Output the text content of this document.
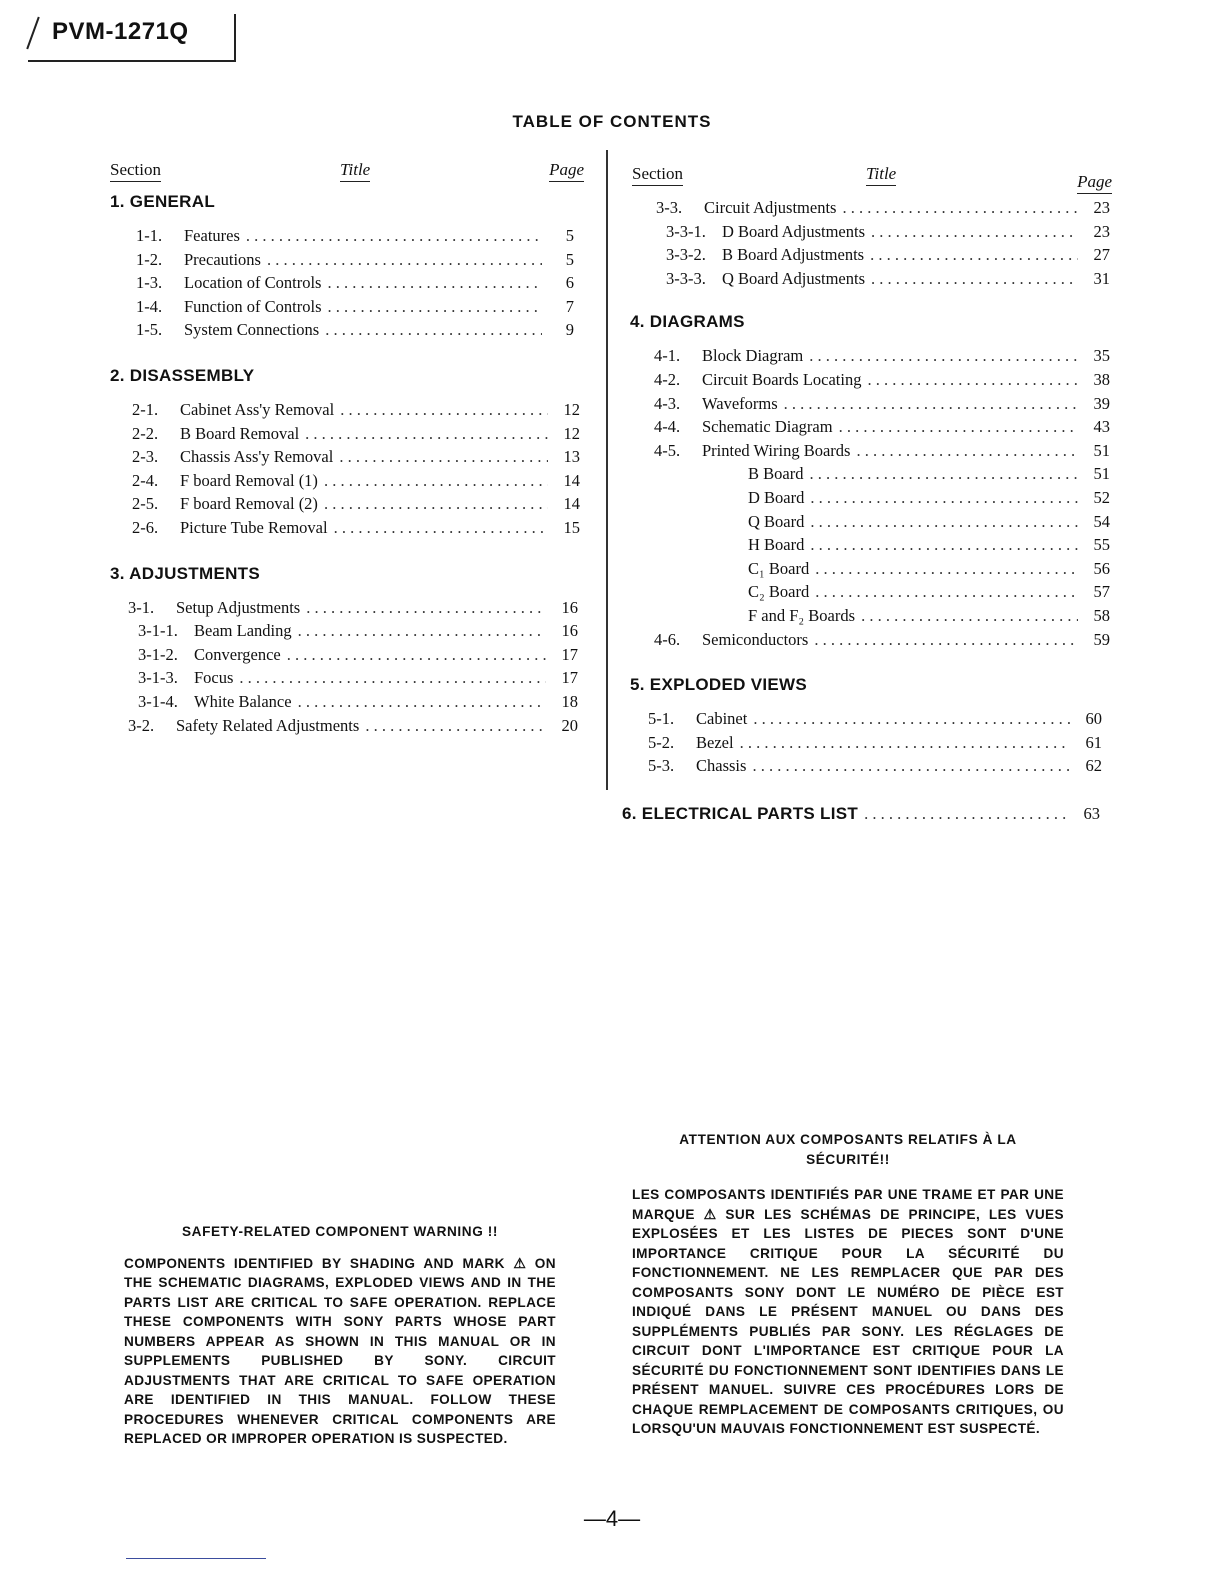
PVM-1271Q
TABLE OF CONTENTS
Section	Title	Page
1. GENERAL
1-1.	Features . . .	5
1-2.	Precautions . . .	5
1-3.	Location of Controls . . .	6
1-4.	Function of Controls . . .	7
1-5.	System Connections . . .	9
2. DISASSEMBLY
2-1.	Cabinet Ass'y Removal . . .	12
2-2.	B Board Removal . . .	12
2-3.	Chassis Ass'y Removal . . .	13
2-4.	F board Removal (1) . . .	14
2-5.	F board Removal (2) . . .	14
2-6.	Picture Tube Removal . . .	15
3. ADJUSTMENTS
3-1.	Setup Adjustments . . .	16
3-1-1. Beam Landing . . .	16
3-1-2. Convergence . . .	17
3-1-3. Focus . . .	17
3-1-4. White Balance . . .	18
3-2.	Safety Related Adjustments . . .	20
Section	Title	Page
3-3.	Circuit Adjustments . . .	23
3-3-1. D Board Adjustments . . .	23
3-3-2. B Board Adjustments . . .	27
3-3-3. Q Board Adjustments . . .	31
4. DIAGRAMS
4-1.	Block Diagram . . .	35
4-2.	Circuit Boards Locating . . .	38
4-3.	Waveforms . . .	39
4-4.	Schematic Diagram . . .	43
4-5.	Printed Wiring Boards . . .	51
B Board . . .	51
D Board . . .	52
Q Board . . .	54
H Board . . .	55
C₁ Board . . .	56
C₂ Board . . .	57
F and F₂ Boards . . .	58
4-6.	Semiconductors . . .	59
5. EXPLODED VIEWS
5-1.	Cabinet . . .	60
5-2.	Bezel . . .	61
5-3.	Chassis . . .	62
6. ELECTRICAL PARTS LIST . . .	63
SAFETY-RELATED COMPONENT WARNING !!
COMPONENTS IDENTIFIED BY SHADING AND MARK ⚠ ON THE SCHEMATIC DIAGRAMS, EXPLODED VIEWS AND IN THE PARTS LIST ARE CRITICAL TO SAFE OPERATION. REPLACE THESE COMPONENTS WITH SONY PARTS WHOSE PART NUMBERS APPEAR AS SHOWN IN THIS MANUAL OR IN SUPPLEMENTS PUBLISHED BY SONY. CIRCUIT ADJUSTMENTS THAT ARE CRITICAL TO SAFE OPERATION ARE IDENTIFIED IN THIS MANUAL. FOLLOW THESE PROCEDURES WHENEVER CRITICAL COMPONENTS ARE REPLACED OR IMPROPER OPERATION IS SUSPECTED.
ATTENTION AUX COMPOSANTS RELATIFS À LA SÉCURITÉ!!
LES COMPOSANTS IDENTIFIÉS PAR UNE TRAME ET PAR UNE MARQUE ⚠ SUR LES SCHÉMAS DE PRINCIPE, LES VUES EXPLOSÉES ET LES LISTES DE PIECES SONT D'UNE IMPORTANCE CRITIQUE POUR LA SÉCURITÉ DU FONCTIONNEMENT. NE LES REMPLACER QUE PAR DES COMPOSANTS SONY DONT LE NUMÉRO DE PIÈCE EST INDIQUÉ DANS LE PRÉSENT MANUEL OU DANS DES SUPPLÉMENTS PUBLIÉS PAR SONY. LES RÉGLAGES DE CIRCUIT DONT L'IMPORTANCE EST CRITIQUE POUR LA SÉCURITÉ DU FONCTIONNEMENT SONT IDENTIFIES DANS LE PRÉSENT MANUEL. SUIVRE CES PROCÉDURES LORS DE CHAQUE REMPLACEMENT DE COMPOSANTS CRITIQUES, OU LORSQU'UN MAUVAIS FONCTIONNEMENT EST SUSPECTÉ.
—4—
